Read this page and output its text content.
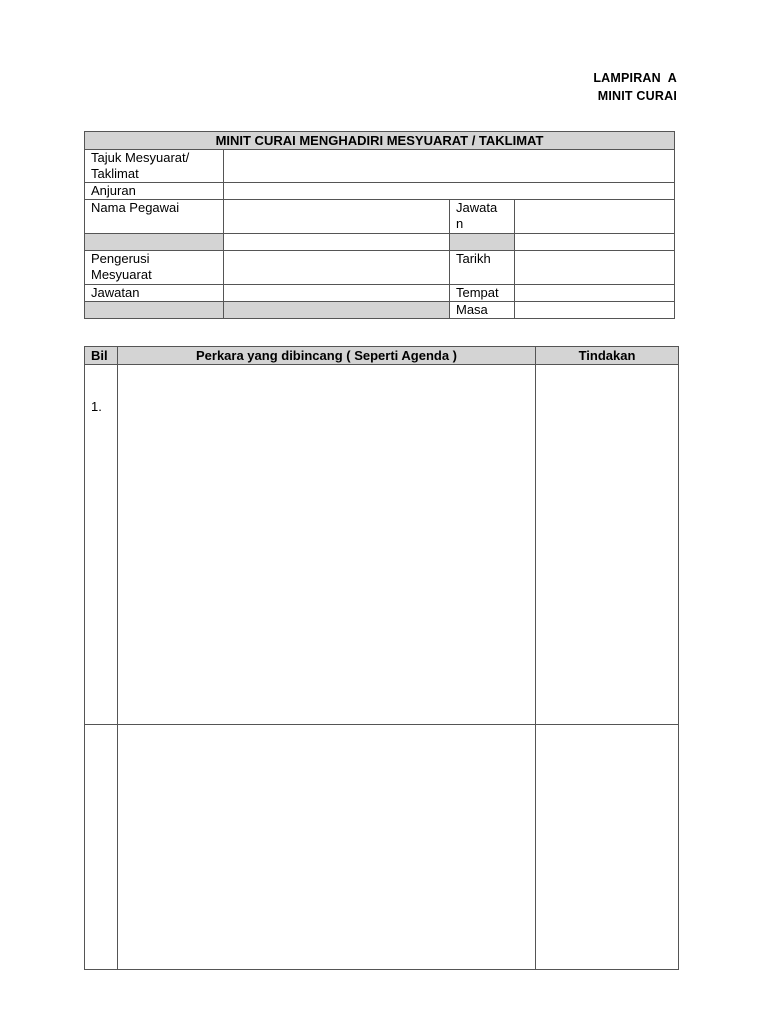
LAMPIRAN  A
MINIT CURAI
MINIT CURAI MENGHADIRI MESYUARAT / TAKLIMAT			

Tajuk Mesyuarat/ Taklimat			

Anjuran			
Nama Pegawai		Jawatan	

Pengerusi Mesyuarat		Tarikh	
Jawatan		Tempat	
		Masa	
Bil	Perkara yang dibincang ( Seperti Agenda )	Tindakan
1.		
